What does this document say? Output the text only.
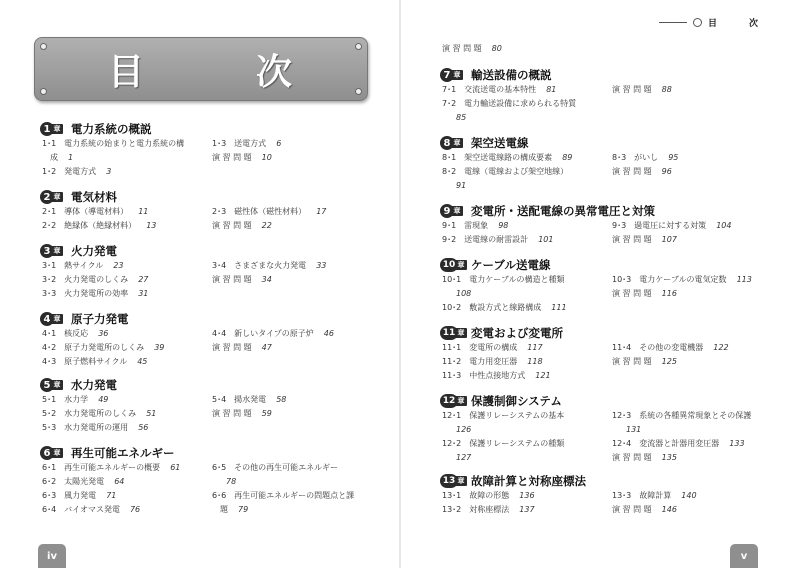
目	次
1 章 電力系統の概説
1･1　電力系統の始まりと電力系統の構
　成 1
1･2　発電方式 3
1･3　送電方式 6
演 習 問 題 10
2 章 電気材料
2･1　導体（導電材料） 11
2･2　絶縁体（絶縁材料） 13
2･3　磁性体（磁性材料） 17
演 習 問 題 22
3 章 火力発電
3･1　熱サイクル 23
3･2　火力発電のしくみ 27
3･3　火力発電所の効率 31
3･4　さまざまな火力発電 33
演 習 問 題 34
4 章 原子力発電
4･1　核反応 36
4･2　原子力発電所のしくみ 39
4･3　原子燃料サイクル 45
4･4　新しいタイプの原子炉 46
演 習 問 題 47
5 章 水力発電
5･1　水力学 49
5･2　水力発電所のしくみ 51
5･3　水力発電所の運用 56
5･4　揚水発電 58
演 習 問 題 59
6 章 再生可能エネルギー
6･1　再生可能エネルギーの概要 61
6･2　太陽光発電 64
6･3　風力発電 71
6･4　バイオマス発電 76
6･5　その他の再生可能エネルギー
78
6･6　再生可能エネルギーの問題点と課
　題 79
iv
目	次
演 習 問 題 80
7 章 輸送設備の概説
7･1　交流送電の基本特性 81
7･2　電力輸送設備に求められる特質
85
演 習 問 題 88
8 章 架空送電線
8･1　架空送電線路の構成要素 89
8･2　電線（電線および架空地線）
91
8･3　がいし 95
演 習 問 題 96
9 章 変電所・送配電線の異常電圧と対策
9･1　雷現象 98
9･2　送電線の耐雷設計 101
9･3　過電圧に対する対策 104
演 習 問 題 107
10 章 ケーブル送電線
10･1　電力ケーブルの構造と種類
108
10･2　敷設方式と線路構成 111
10･3　電力ケーブルの電気定数 113
演 習 問 題 116
11 章 変電および変電所
11･1　変電所の構成 117
11･2　電力用変圧器 118
11･3　中性点接地方式 121
11･4　その他の変電機器 122
演 習 問 題 125
12 章 保護制御システム
12･1　保護リレーシステムの基本
126
12･2　保護リレーシステムの種類
127
12･3　系統の各種異常現象とその保護
131
12･4　変流器と計器用変圧器 133
演 習 問 題 135
13 章 故障計算と対称座標法
13･1　故障の形態 136
13･2　対称座標法 137
13･3　故障計算 140
演 習 問 題 146
v
